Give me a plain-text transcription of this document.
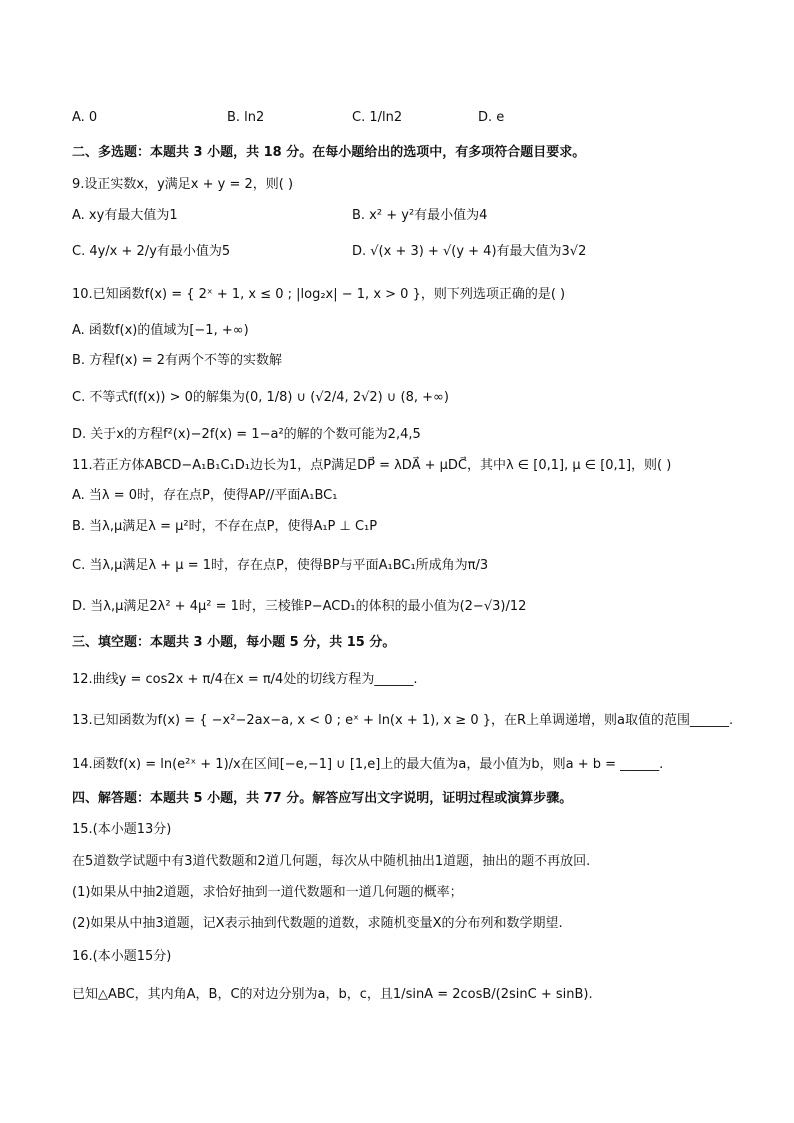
A. 0	B. ln2	C. 1/ln2	D. e
二、多选题：本题共 3 小题，共 18 分。在每小题给出的选项中，有多项符合题目要求。
9.设正实数x，y满足x + y = 2，则( )
A. xy有最大值为1	B. x² + y²有最小值为4
C. 4y/x + 2/y有最小值为5	D. √(x + 3) + √(y + 4)有最大值为3√2
10.已知函数f(x) = { 2ˣ + 1, x ≤ 0 ; |log₂x| − 1, x > 0 }，则下列选项正确的是( )
A. 函数f(x)的值域为[−1, +∞)
B. 方程f(x) = 2有两个不等的实数解
C. 不等式f(f(x)) > 0的解集为(0, 1/8) ∪ (√2/4, 2√2) ∪ (8, +∞)
D. 关于x的方程f²(x)−2f(x) = 1−a²的解的个数可能为2,4,5
11.若正方体ABCD−A₁B₁C₁D₁边长为1，点P满足DP⃗ = λDA⃗ + μDC⃗，其中λ ∈ [0,1], μ ∈ [0,1]，则( )
A. 当λ = 0时，存在点P，使得AP//平面A₁BC₁
B. 当λ,μ满足λ = μ²时，不存在点P，使得A₁P ⊥ C₁P
C. 当λ,μ满足λ + μ = 1时，存在点P，使得BP与平面A₁BC₁所成角为π/3
D. 当λ,μ满足2λ² + 4μ² = 1时，三棱锥P−ACD₁的体积的最小值为(2−√3)/12
三、填空题：本题共 3 小题，每小题 5 分，共 15 分。
12.曲线y = cos2x + π/4在x = π/4处的切线方程为______.
13.已知函数为f(x) = { −x²−2ax−a, x < 0 ; eˣ + ln(x + 1), x ≥ 0 }，在R上单调递增，则a取值的范围______.
14.函数f(x) = ln(e²ˣ + 1)/x在区间[−e,−1] ∪ [1,e]上的最大值为a，最小值为b，则a + b = ______.
四、解答题：本题共 5 小题，共 77 分。解答应写出文字说明，证明过程或演算步骤。
15.(本小题13分)
在5道数学试题中有3道代数题和2道几何题，每次从中随机抽出1道题，抽出的题不再放回.
(1)如果从中抽2道题，求恰好抽到一道代数题和一道几何题的概率；
(2)如果从中抽3道题，记X表示抽到代数题的道数，求随机变量X的分布列和数学期望.
16.(本小题15分)
已知△ABC，其内角A，B，C的对边分别为a，b，c，且1/sinA = 2cosB/(2sinC + sinB).
